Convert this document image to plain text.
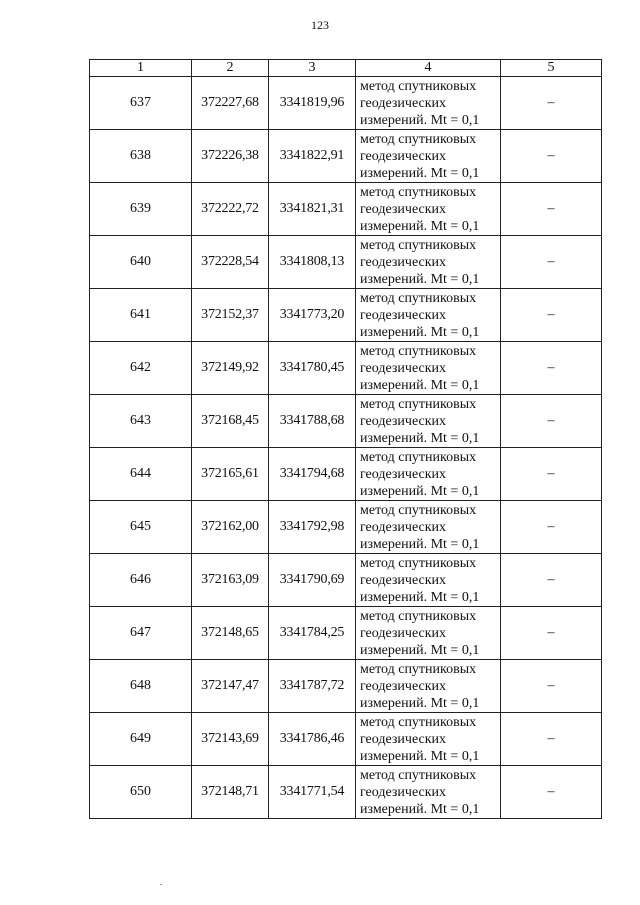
123
1	2	3	4	5
637	372227,68	3341819,96	метод спутниковых
геодезических
измерений. Mt = 0,1	–
638	372226,38	3341822,91	метод спутниковых
геодезических
измерений. Mt = 0,1	–
639	372222,72	3341821,31	метод спутниковых
геодезических
измерений. Mt = 0,1	–
640	372228,54	3341808,13	метод спутниковых
геодезических
измерений. Mt = 0,1	–
641	372152,37	3341773,20	метод спутниковых
геодезических
измерений. Mt = 0,1	–
642	372149,92	3341780,45	метод спутниковых
геодезических
измерений. Mt = 0,1	–
643	372168,45	3341788,68	метод спутниковых
геодезических
измерений. Mt = 0,1	–
644	372165,61	3341794,68	метод спутниковых
геодезических
измерений. Mt = 0,1	–
645	372162,00	3341792,98	метод спутниковых
геодезических
измерений. Mt = 0,1	–
646	372163,09	3341790,69	метод спутниковых
геодезических
измерений. Mt = 0,1	–
647	372148,65	3341784,25	метод спутниковых
геодезических
измерений. Mt = 0,1	–
648	372147,47	3341787,72	метод спутниковых
геодезических
измерений. Mt = 0,1	–
649	372143,69	3341786,46	метод спутниковых
геодезических
измерений. Mt = 0,1	–
650	372148,71	3341771,54	метод спутниковых
геодезических
измерений. Mt = 0,1	–
